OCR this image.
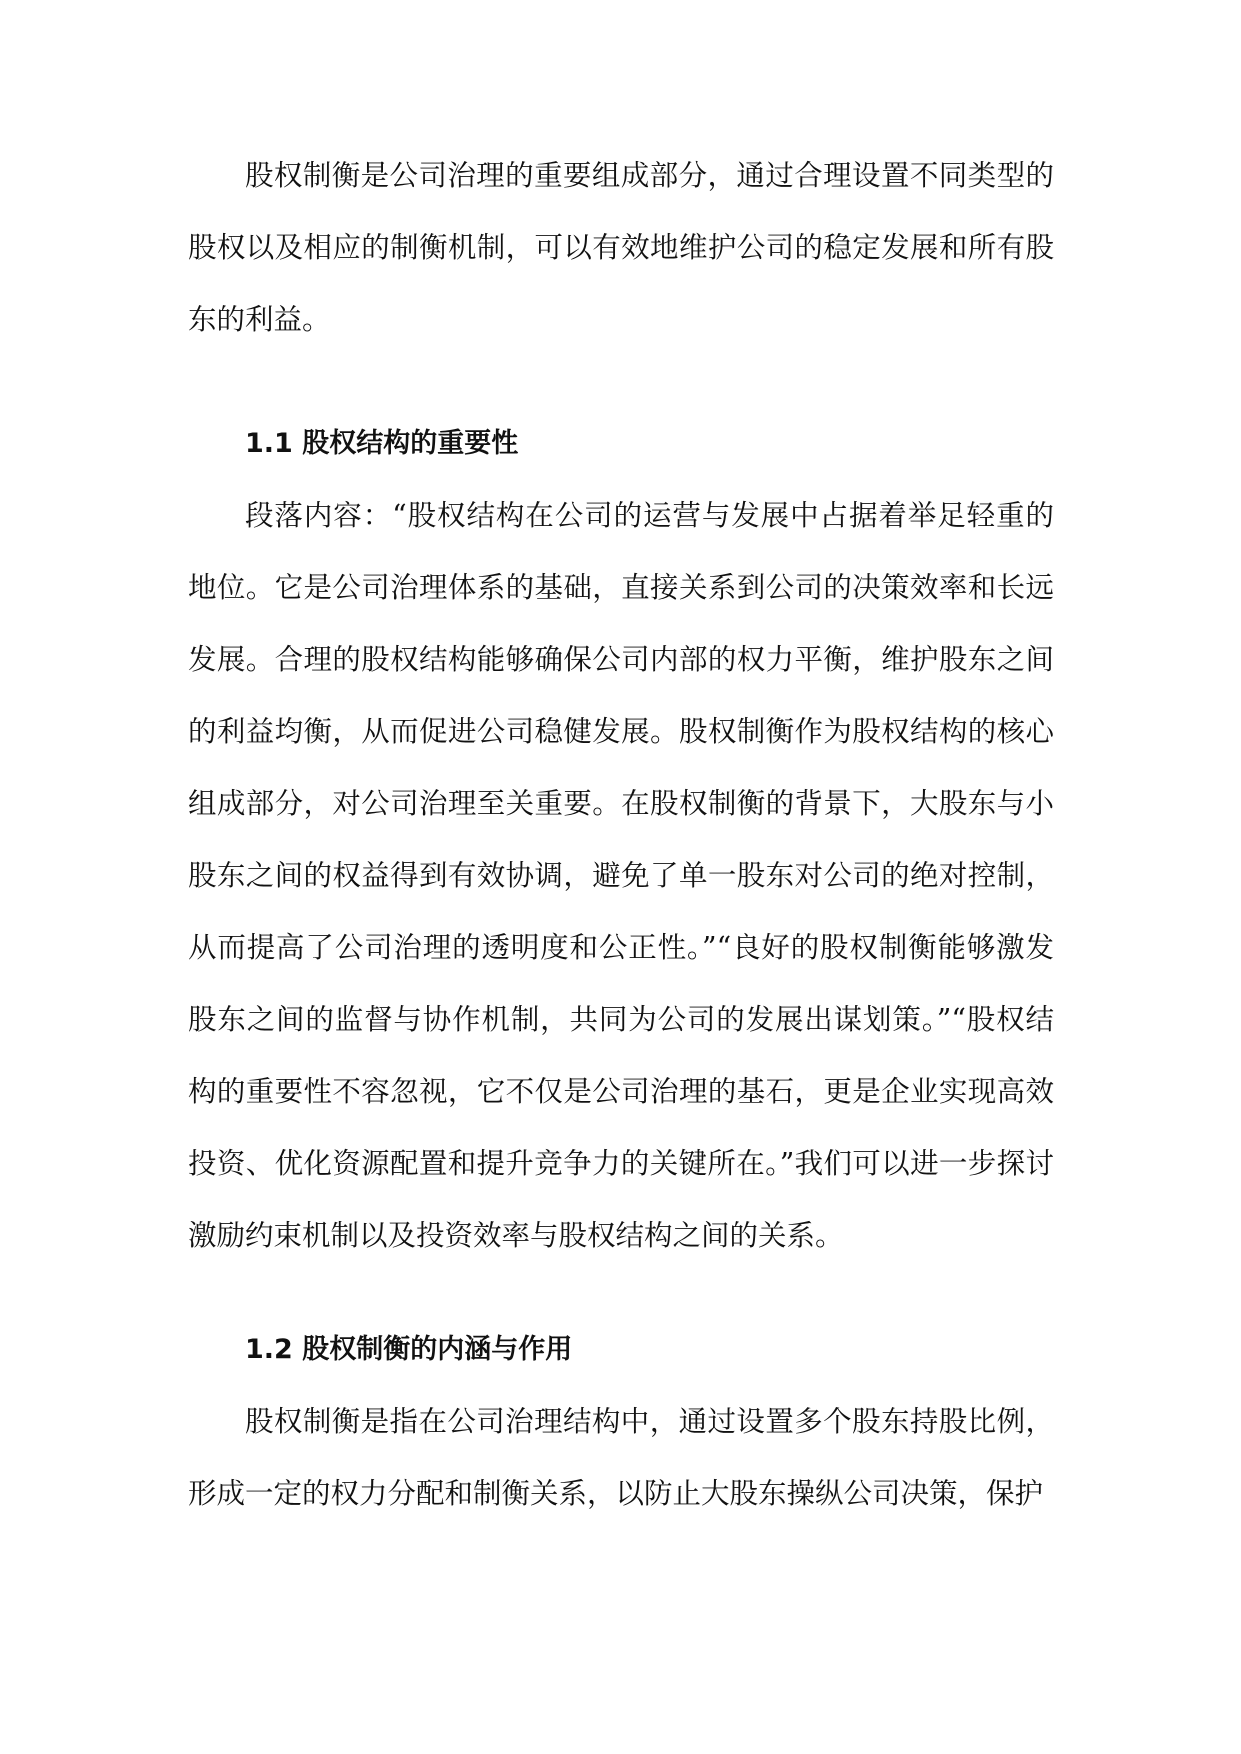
股权制衡是公司治理的重要组成部分，通过合理设置不同类型的股权以及相应的制衡机制，可以有效地维护公司的稳定发展和所有股东的利益。

1.1 股权结构的重要性

段落内容：“股权结构在公司的运营与发展中占据着举足轻重的地位。它是公司治理体系的基础，直接关系到公司的决策效率和长远发展。合理的股权结构能够确保公司内部的权力平衡，维护股东之间的利益均衡，从而促进公司稳健发展。股权制衡作为股权结构的核心组成部分，对公司治理至关重要。在股权制衡的背景下，大股东与小股东之间的权益得到有效协调，避免了单一股东对公司的绝对控制，从而提高了公司治理的透明度和公正性。”“良好的股权制衡能够激发股东之间的监督与协作机制，共同为公司的发展出谋划策。”“股权结构的重要性不容忽视，它不仅是公司治理的基石，更是企业实现高效投资、优化资源配置和提升竞争力的关键所在。”我们可以进一步探讨激励约束机制以及投资效率与股权结构之间的关系。

1.2 股权制衡的内涵与作用

股权制衡是指在公司治理结构中，通过设置多个股东持股比例，形成一定的权力分配和制衡关系，以防止大股东操纵公司决策，保护
